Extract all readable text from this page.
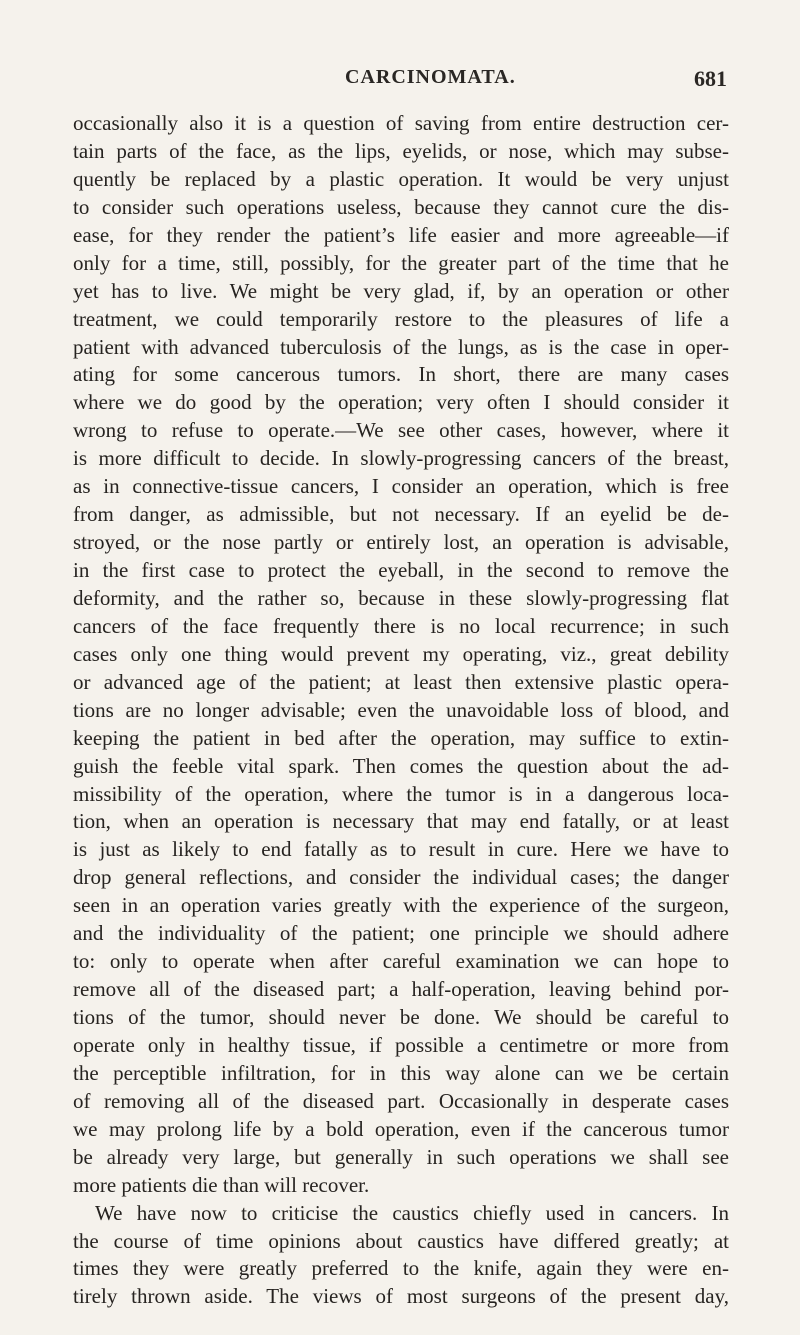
CARCINOMATA.	681
occasionally also it is a question of saving from entire destruction cer-
tain parts of the face, as the lips, eyelids, or nose, which may subse-
quently be replaced by a plastic operation. It would be very unjust
to consider such operations useless, because they cannot cure the dis-
ease, for they render the patient’s life easier and more agreeable—if
only for a time, still, possibly, for the greater part of the time that he
yet has to live. We might be very glad, if, by an operation or other
treatment, we could temporarily restore to the pleasures of life a
patient with advanced tuberculosis of the lungs, as is the case in oper-
ating for some cancerous tumors. In short, there are many cases
where we do good by the operation; very often I should consider it
wrong to refuse to operate.—We see other cases, however, where it
is more difficult to decide. In slowly-progressing cancers of the breast,
as in connective-tissue cancers, I consider an operation, which is free
from danger, as admissible, but not necessary. If an eyelid be de-
stroyed, or the nose partly or entirely lost, an operation is advisable,
in the first case to protect the eyeball, in the second to remove the
deformity, and the rather so, because in these slowly-progressing flat
cancers of the face frequently there is no local recurrence; in such
cases only one thing would prevent my operating, viz., great debility
or advanced age of the patient; at least then extensive plastic opera-
tions are no longer advisable; even the unavoidable loss of blood, and
keeping the patient in bed after the operation, may suffice to extin-
guish the feeble vital spark. Then comes the question about the ad-
missibility of the operation, where the tumor is in a dangerous loca-
tion, when an operation is necessary that may end fatally, or at least
is just as likely to end fatally as to result in cure. Here we have to
drop general reflections, and consider the individual cases; the danger
seen in an operation varies greatly with the experience of the surgeon,
and the individuality of the patient; one principle we should adhere
to: only to operate when after careful examination we can hope to
remove all of the diseased part; a half-operation, leaving behind por-
tions of the tumor, should never be done. We should be careful to
operate only in healthy tissue, if possible a centimetre or more from
the perceptible infiltration, for in this way alone can we be certain
of removing all of the diseased part. Occasionally in desperate cases
we may prolong life by a bold operation, even if the cancerous tumor
be already very large, but generally in such operations we shall see
more patients die than will recover.
We have now to criticise the caustics chiefly used in cancers. In
the course of time opinions about caustics have differed greatly; at
times they were greatly preferred to the knife, again they were en-
tirely thrown aside. The views of most surgeons of the present day,
